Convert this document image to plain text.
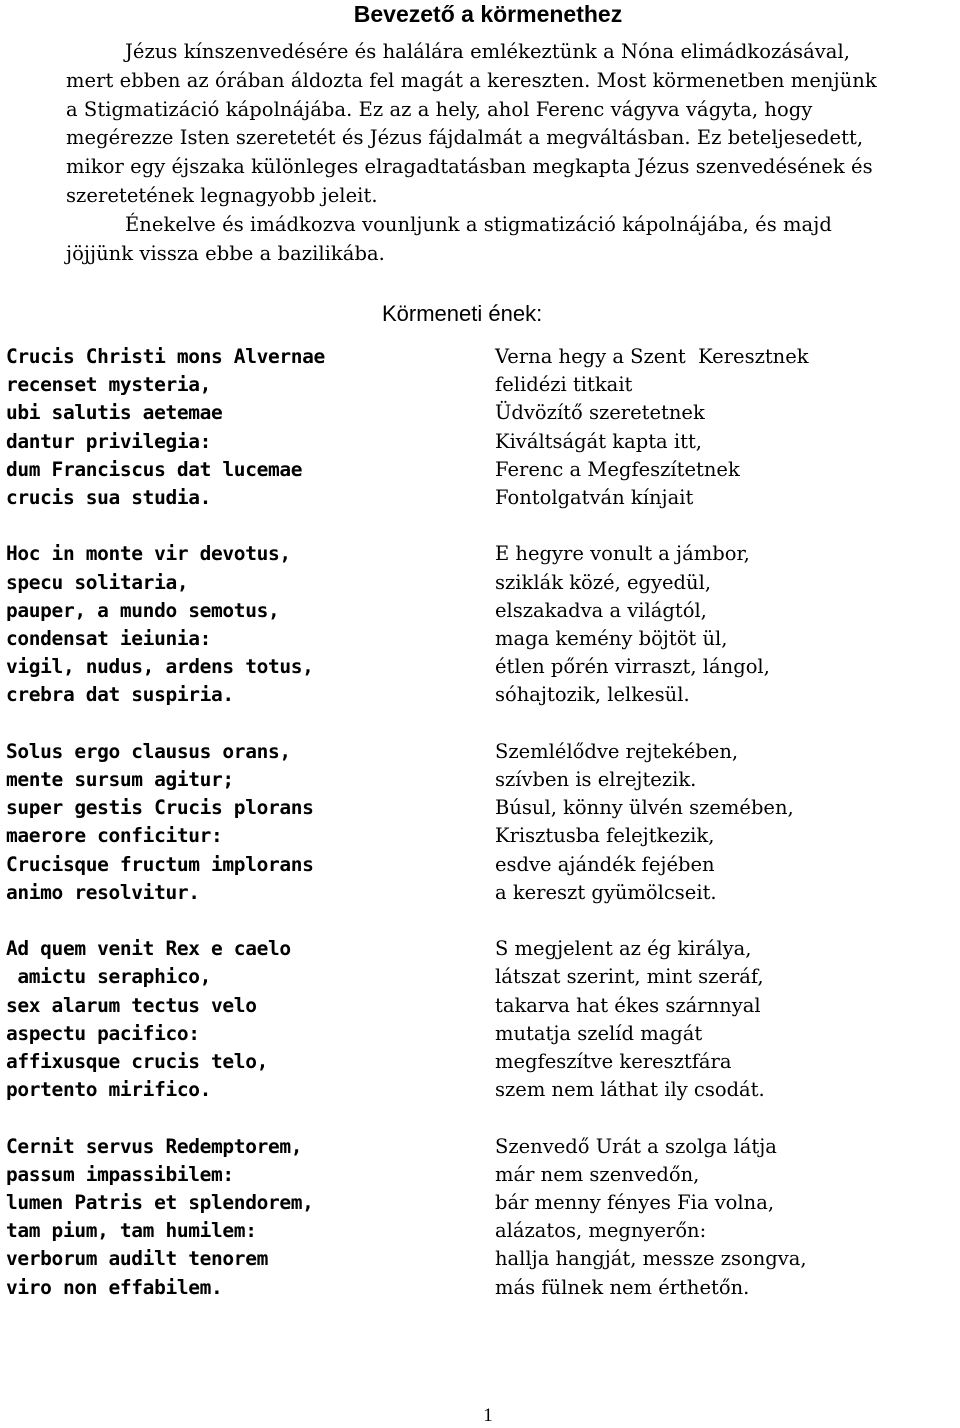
Bevezető a körmenethez

Jézus kínszenvedésére és halálára emlékeztünk a Nóna elimádkozásával,
mert ebben az órában áldozta fel magát a kereszten. Most körmenetben menjünk
a Stigmatizáció kápolnájába. Ez az a hely, ahol Ferenc vágyva vágyta, hogy
megérezze Isten szeretetét és Jézus fájdalmát a megváltásban. Ez beteljesedett,
mikor egy éjszaka különleges elragadtatásban megkapta Jézus szenvedésének és
szeretetének legnagyobb jeleit.

Énekelve és imádkozva vounljunk a stigmatizáció kápolnájába, és majd
jöjjünk vissza ebbe a bazilikába.

Körmeneti ének:
Crucis Christi mons Alvernae
recenset mysteria,
ubi salutis aetemae
dantur privilegia:
dum Franciscus dat lucemae
crucis sua studia.
Hoc in monte vir devotus,
specu solitaria,
pauper, a mundo semotus,
condensat ieiunia:
vigil, nudus, ardens totus,
crebra dat suspiria.
Solus ergo clausus orans,
mente sursum agitur;
super gestis Crucis plorans
maerore conficitur:
Crucisque fructum implorans
animo resolvitur.
Ad quem venit Rex e caelo
amictu seraphico,
sex alarum tectus velo
aspectu pacifico:
affixusque crucis telo,
portento mirifico.
Cernit servus Redemptorem,
passum impassibilem:
lumen Patris et splendorem,
tam pium, tam humilem:
verborum audilt tenorem
viro non effabilem.
Verna hegy a Szent  Keresztnek
felidézi titkait
Üdvözítő szeretetnek
Kiváltságát kapta itt,
Ferenc a Megfeszítetnek
Fontolgatván kínjait
E hegyre vonult a jámbor,
sziklák közé, egyedül,
elszakadva a világtól,
maga kemény böjtöt ül,
étlen pőrén virraszt, lángol,
sóhajtozik, lelkesül.
Szemlélődve rejtekében,
szívben is elrejtezik.
Búsul, könny ülvén szemében,
Krisztusba felejtkezik,
esdve ajándék fejében
a kereszt gyümölcseit.
S megjelent az ég királya,
látszat szerint, mint szeráf,
takarva hat ékes szárnnyal
mutatja szelíd magát
megfeszítve keresztfára
szem nem láthat ily csodát.
Szenvedő Urát a szolga látja
már nem szenvedőn,
bár menny fényes Fia volna,
alázatos, megnyerőn:
hallja hangját, messze zsongva,
más fülnek nem érthetőn.
1
